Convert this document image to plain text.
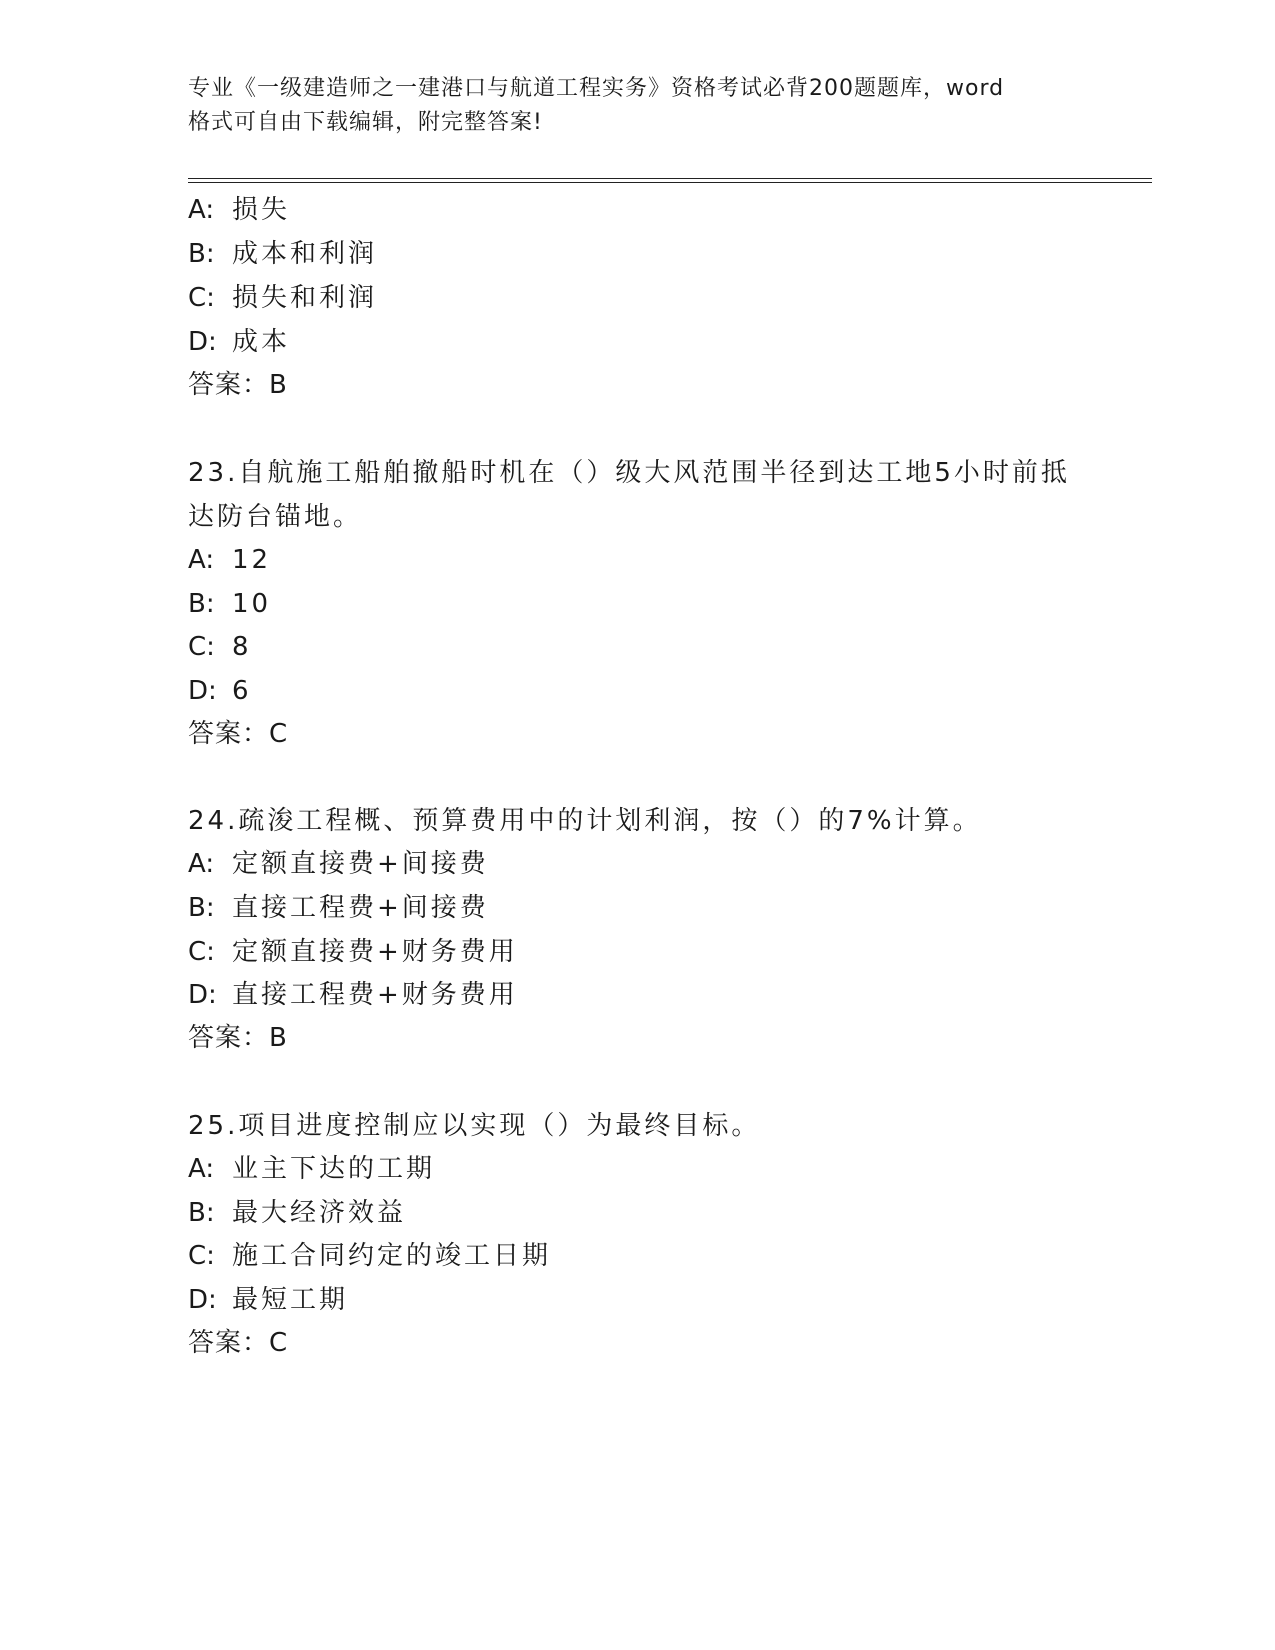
专业《一级建造师之一建港口与航道工程实务》资格考试必背200题题库，word
格式可自由下载编辑，附完整答案!
A: 损失
B: 成本和利润
C: 损失和利润
D: 成本
答案：B
23.自航施工船舶撤船时机在（）级大风范围半径到达工地5小时前抵
达防台锚地。
A: 12
B: 10
C: 8
D: 6
答案：C
24.疏浚工程概、预算费用中的计划利润，按（）的7%计算。
A: 定额直接费+间接费
B: 直接工程费+间接费
C: 定额直接费+财务费用
D: 直接工程费+财务费用
答案：B
25.项目进度控制应以实现（）为最终目标。
A: 业主下达的工期
B: 最大经济效益
C: 施工合同约定的竣工日期
D: 最短工期
答案：C
